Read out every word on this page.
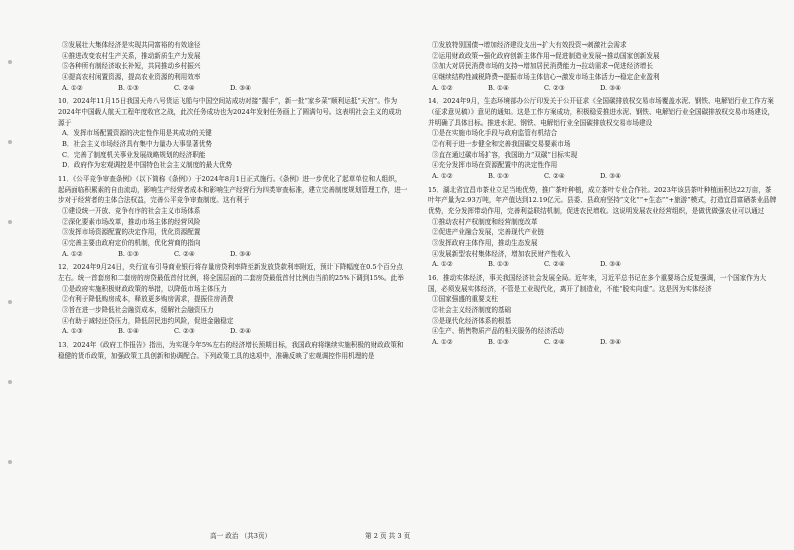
③发展壮大集体经济是实现共同富裕的有效途径

④推进改变农村生产关系，推动新质生产力发展

⑤各种所有制经济取长补短，共同推动乡村振兴

④提高农村闲置资源，提高农业资源的利用效率

A. ①②	B. ①③	C. ②④	D. ③④

10．2024年11月15日我国天舟八号货运飞船与中国空间站成功对接“握手”，新一批“家乡菜”顺利运抵“天宫”。作为2024年中国载人航天工程年度收官之战，此次任务成功也为2024年发射任务画上了圆满句号。这表明社会主义的成功源于

A．发挥市场配置资源的决定性作用是其成功的关键

B．社会主义市场经济具有集中力量办大事显著优势

C．完善了制度机关事业发展战略规划的经济职能

D．政府作为宏观调控是中国特色社会主义制度的最大优势

11．《公平竞争审查条例》（以下简称《条例》）于2024年8月1日正式施行。《条例》进一步优化了起草单位和人组织，起码面临积累素的自由流动，影响生产经营者成本和影响生产经营行为四类审查标准，建立完善制度规划管理工作，进一步对于经营者的主体合法权益，完善公平竞争审查制度。这有利于

①建设统一开放、竞争有序的社会主义市场体系

②深化要素市场改革，推动市场主体的经营风险

③发挥市场资源配置的决定作用，优化资源配置

④完善主要由政府定价的机制，优化营商的指向

A. ①②	B. ①③	C. ②④	D. ③④

12．2024年9月24日，央行宣布引导商业银行将存量房贷利率降至新发放贷款利率附近，预计下降幅度在0.5个百分点左右。统一首套房和二套房的房贷最低首付比例，将全国层面的二套房贷最低首付比例由当前的25%下调到15%。此举

①是政府实施积极财政政策的举措，以降低市场主体压力

②有利于降低购房成本，释放更多购房需求，提振住房消费

③旨在进一步降低社会融资成本，缓解社会融资压力

④有助于减轻还贷压力，降低居民违约风险，促进金融稳定

A. ①③	B. ①④	C. ②③	D. ②④

13．2024年《政府工作报告》指出，为实现今年5%左右的经济增长预期目标，我国政府将继续实施积极的财政政策和稳健的货币政策，加强政策工具创新和协调配合。下列政策工具的选项中，准确反映了宏观调控作用机理的是

①发放特别国债→增加经济建设支出→扩大有效投资→刺激社会需求

②运用财政政策→强化政府创新主体作用→促进制造业发展→推动国家创新发展

③加大对居民消费市场的支持→增加居民消费能力→拉动需求→促进经济增长

④继续结构性减税降费→提振市场主体信心→激发市场主体活力→稳定企业盈利

A. ①②	B. ①④	C. ②③	D. ③④

14．2024年9月，生态环境部办公厅印发关于公开征求《全国碳排放权交易市场覆盖水泥、钢铁、电解铝行业工作方案（征求意见稿）》意见的通知。这是工作方案成功，积极稳妥推进水泥、钢铁、电解铝行业全国碳排放权交易市场建设，并明确了具体目标。推进水泥、钢铁、电解铝行业全国碳排放权交易市场建设

①是在实施市场化手段与政府监管有机结合

②有利于进一步健全和完善我国碳交易要素市场

③直在通过碳市场扩容，我国助力“双碳”目标实现

④充分发挥市场在资源配置中的决定性作用

A. ①②	B. ①③	C. ②④	D. ③④

15．湖北省宜昌市茶业立足当地优势，推广茶叶种植，成立茶叶专业合作社。2023年该县茶叶种植面积达22万亩，茶叶年产量为2.93万吨，年产值达到12.19亿元。县委、县政府坚持“文化”“+生态”“+旅游”模式，打造宜昌富硒茶业品牌优势，充分发挥带动作用，完善利益联结机制，促进农民增收。这说明发展农业经营组织，是做优做强农业可以通过

①推动农村产权制度和经营制度改革

②促进产业融合发展，完善现代产业链

③发挥政府主体作用，推动生态发展

④发展新型农村集体经济，增加农民财产性收入

A. ①②	B. ①③	C. ②④	D. ③④

16．推动实体经济，事关我国经济社会发展全局。近年来，习近平总书记在多个重要场合反复强调，一个国家作为大国，必须发展实体经济，不管是工业现代化，离开了制造业，不能“脱实向虚”。这是因为实体经济

①国家强盛的重要支柱

②社会主义经济制度的基础

③是现代化经济体系的根基

④生产、销售物质产品的相关服务的经济活动

A. ①②	B. ①③	C. ②④	D. ③④
高一 政治 （共3页）	第 2 页 共 3 页
